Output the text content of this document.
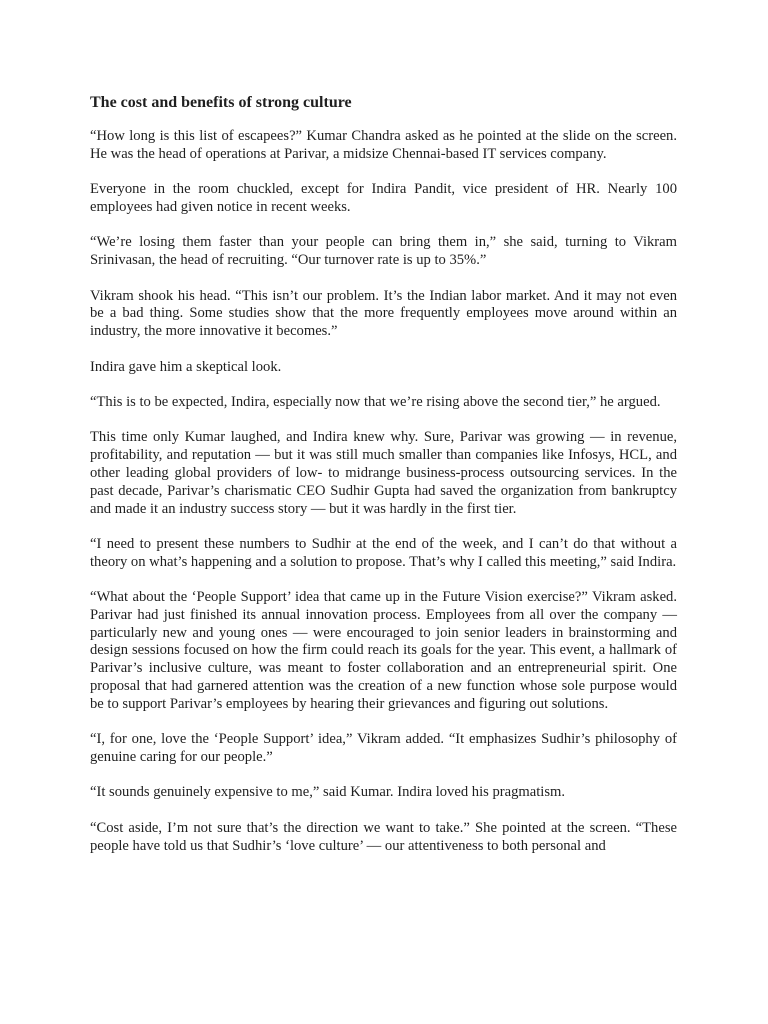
The cost and benefits of strong culture

“How long is this list of escapees?” Kumar Chandra asked as he pointed at the slide on the screen. He was the head of operations at Parivar, a midsize Chennai-based IT services company.

Everyone in the room chuckled, except for Indira Pandit, vice president of HR. Nearly 100 employees had given notice in recent weeks.

“We’re losing them faster than your people can bring them in,” she said, turning to Vikram Srinivasan, the head of recruiting. “Our turnover rate is up to 35%.”

Vikram shook his head. “This isn’t our problem. It’s the Indian labor market. And it may not even be a bad thing. Some studies show that the more frequently employees move around within an industry, the more innovative it becomes.”

Indira gave him a skeptical look.

“This is to be expected, Indira, especially now that we’re rising above the second tier,” he argued.

This time only Kumar laughed, and Indira knew why. Sure, Parivar was growing — in revenue, profitability, and reputation — but it was still much smaller than companies like Infosys, HCL, and other leading global providers of low- to midrange business-process outsourcing services. In the past decade, Parivar’s charismatic CEO Sudhir Gupta had saved the organization from bankruptcy and made it an industry success story — but it was hardly in the first tier.

“I need to present these numbers to Sudhir at the end of the week, and I can’t do that without a theory on what’s happening and a solution to propose. That’s why I called this meeting,” said Indira.

“What about the ‘People Support’ idea that came up in the Future Vision exercise?” Vikram asked. Parivar had just finished its annual innovation process. Employees from all over the company — particularly new and young ones — were encouraged to join senior leaders in brainstorming and design sessions focused on how the firm could reach its goals for the year. This event, a hallmark of Parivar’s inclusive culture, was meant to foster collaboration and an entrepreneurial spirit. One proposal that had garnered attention was the creation of a new function whose sole purpose would be to support Parivar’s employees by hearing their grievances and figuring out solutions.

“I, for one, love the ‘People Support’ idea,” Vikram added. “It emphasizes Sudhir’s philosophy of genuine caring for our people.”

“It sounds genuinely expensive to me,” said Kumar. Indira loved his pragmatism.

“Cost aside, I’m not sure that’s the direction we want to take.” She pointed at the screen. “These people have told us that Sudhir’s ‘love culture’ — our attentiveness to both personal and
